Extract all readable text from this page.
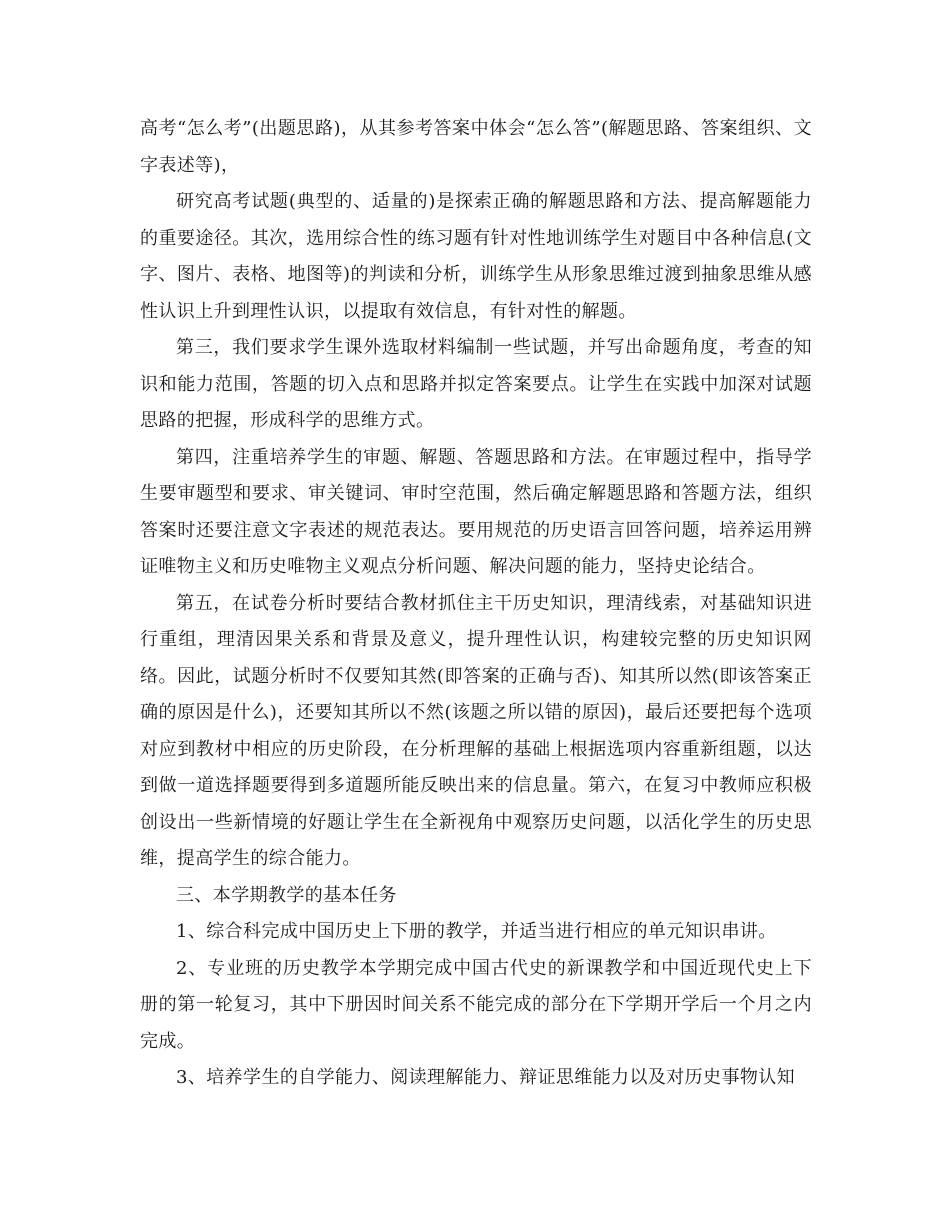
高考“怎么考”(出题思路)，从其参考答案中体会“怎么答”(解题思路、答案组织、文字表述等)，

研究高考试题(典型的、适量的)是探索正确的解题思路和方法、提高解题能力的重要途径。其次，选用综合性的练习题有针对性地训练学生对题目中各种信息(文字、图片、表格、地图等)的判读和分析，训练学生从形象思维过渡到抽象思维从感性认识上升到理性认识，以提取有效信息，有针对性的解题。

第三，我们要求学生课外选取材料编制一些试题，并写出命题角度，考查的知识和能力范围，答题的切入点和思路并拟定答案要点。让学生在实践中加深对试题思路的把握，形成科学的思维方式。

第四，注重培养学生的审题、解题、答题思路和方法。在审题过程中，指导学生要审题型和要求、审关键词、审时空范围，然后确定解题思路和答题方法，组织答案时还要注意文字表述的规范表达。要用规范的历史语言回答问题，培养运用辨证唯物主义和历史唯物主义观点分析问题、解决问题的能力，坚持史论结合。

第五，在试卷分析时要结合教材抓住主干历史知识，理清线索，对基础知识进行重组，理清因果关系和背景及意义，提升理性认识，构建较完整的历史知识网络。因此，试题分析时不仅要知其然(即答案的正确与否)、知其所以然(即该答案正确的原因是什么)，还要知其所以不然(该题之所以错的原因)，最后还要把每个选项对应到教材中相应的历史阶段，在分析理解的基础上根据选项内容重新组题，以达到做一道选择题要得到多道题所能反映出来的信息量。第六，在复习中教师应积极创设出一些新情境的好题让学生在全新视角中观察历史问题，以活化学生的历史思维，提高学生的综合能力。

三、本学期教学的基本任务

1、综合科完成中国历史上下册的教学，并适当进行相应的单元知识串讲。

2、专业班的历史教学本学期完成中国古代史的新课教学和中国近现代史上下册的第一轮复习，其中下册因时间关系不能完成的部分在下学期开学后一个月之内完成。

3、培养学生的自学能力、阅读理解能力、辩证思维能力以及对历史事物认知
